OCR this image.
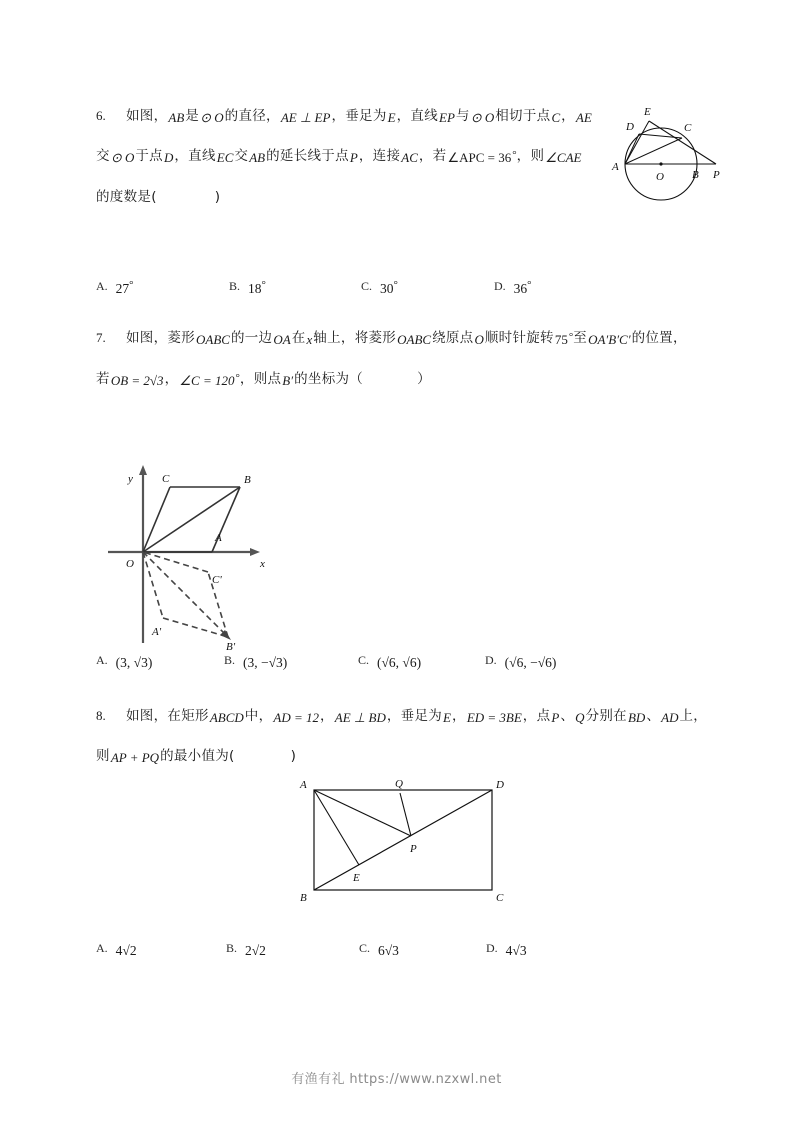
6. 如图，AB是⊙ O的直径，AE ⊥ EP，垂足为E，直线EP与⊙ O相切于点C，AE
交⊙ O于点D，直线EC交AB的延长线于点P，连接AC，若∠APC = 36°，则∠CAE
的度数是(	)
E
D	C
A
O	B P
A. 27°	B. 18°	C. 30°	D. 36°
7. 如图，菱形OABC的一边OA在x轴上，将菱形OABC绕原点O顺时针旋转75°至OA′B′C′的位置，
若OB = 2√3，∠C = 120°，则点B′的坐标为（	）
y
x
O
C	B
A
C'
A'
B'
A. (3, √3)	B. (3, −√3)	C. (√6, √6)	D. (√6, −√6)
8. 如图，在矩形ABCD中，AD = 12，AE ⊥ BD，垂足为E，ED = 3BE，点P、Q分别在BD、AD上，
则AP + PQ的最小值为(	)
A	Q	D
P
E
B	C
A. 4√2	B. 2√2	C. 6√3	D. 4√3
有渔有礼 https://www.nzxwl.net
